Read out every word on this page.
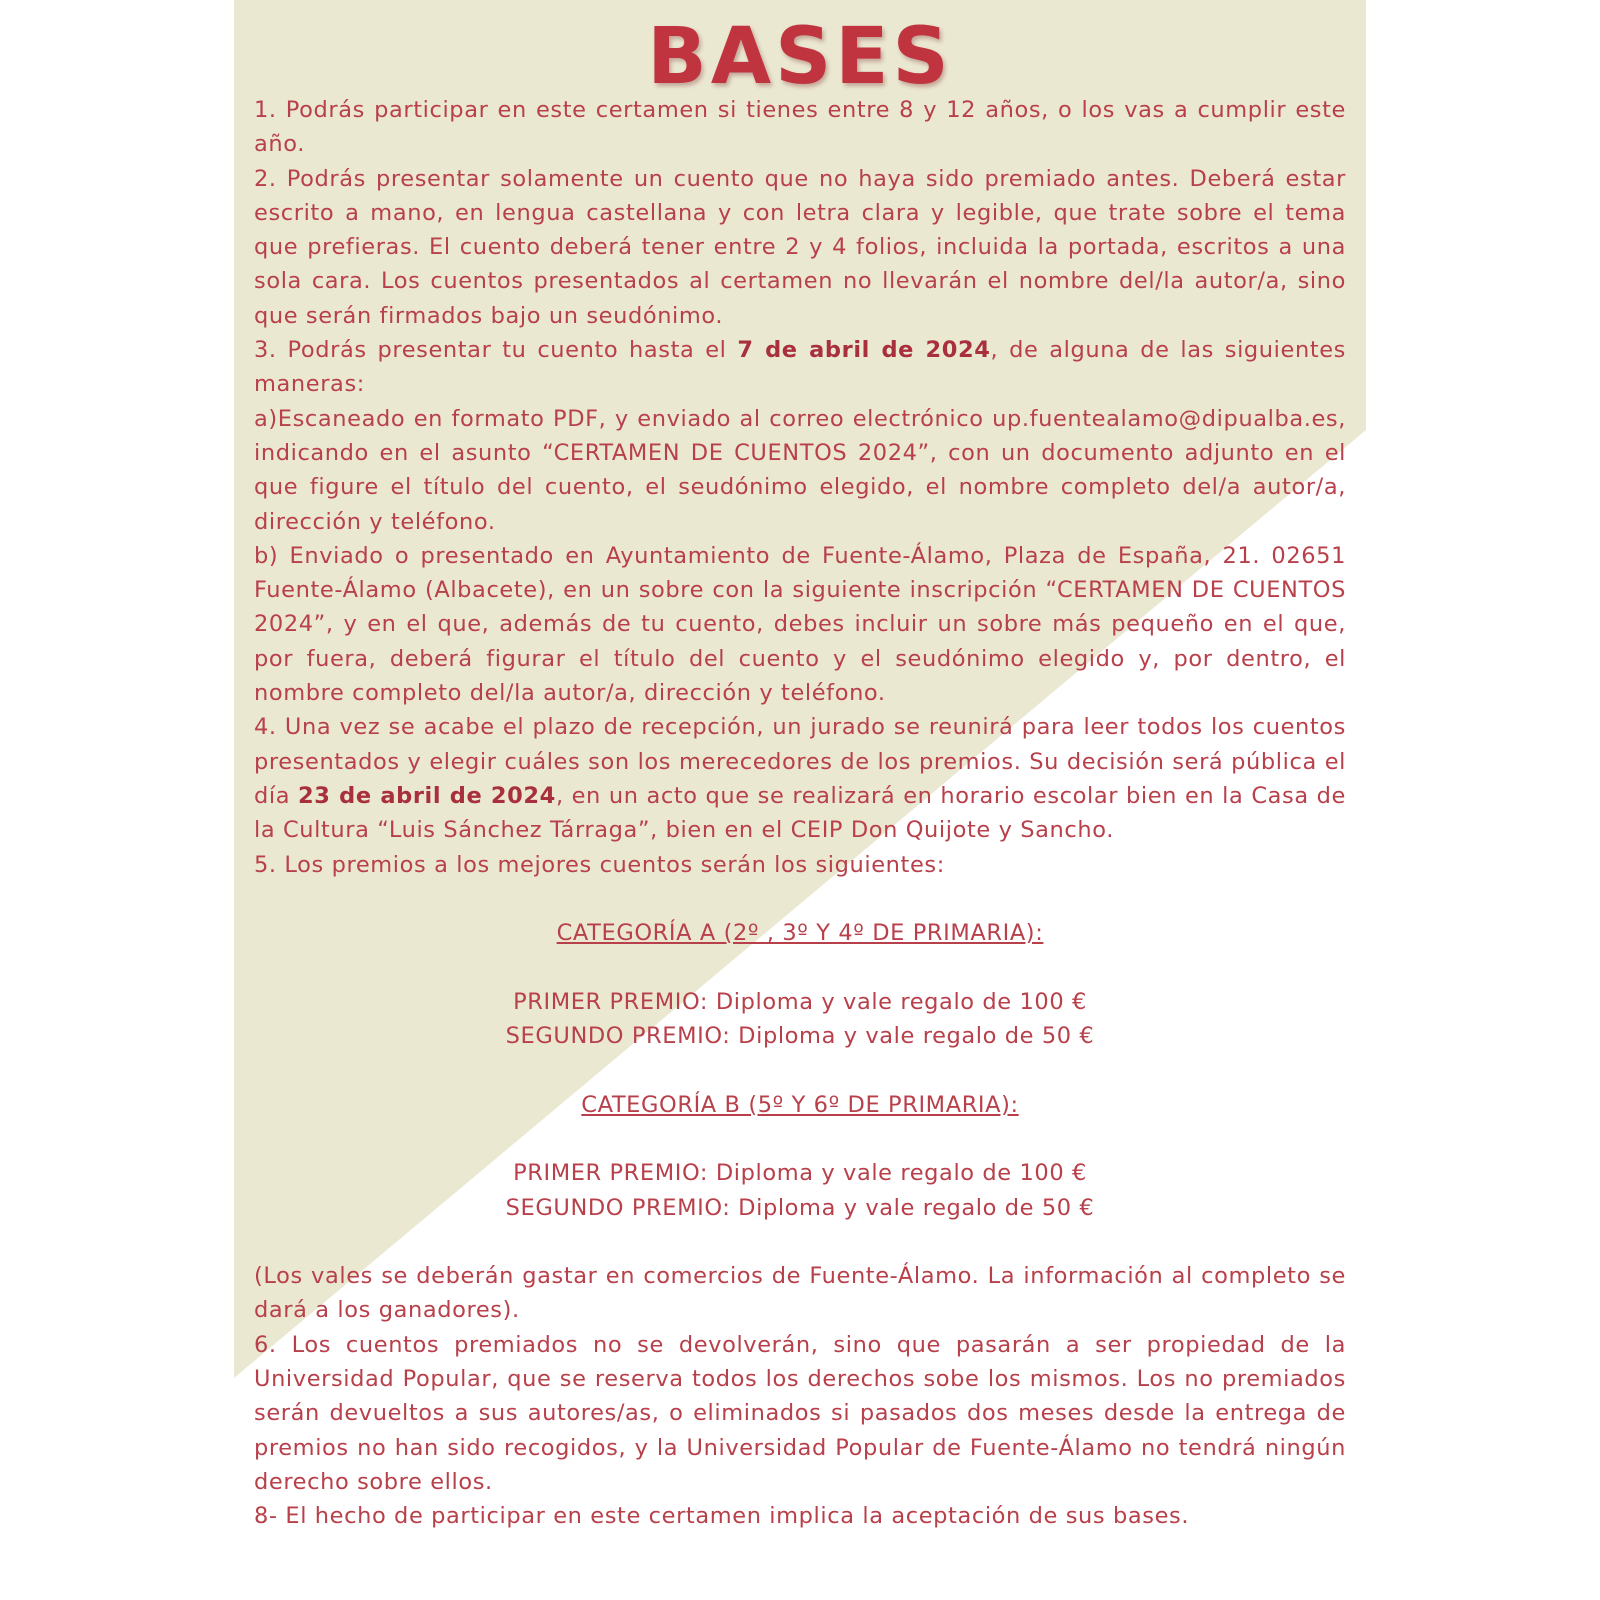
BASES

1. Podrás participar en este certamen si tienes entre 8 y 12 años, o los vas a cumplir este año.

2. Podrás presentar solamente un cuento que no haya sido premiado antes. Deberá estar escrito a mano, en lengua castellana y con letra clara y legible, que trate sobre el tema que prefieras. El cuento deberá tener entre 2 y 4 folios, incluida la portada, escritos a una sola cara. Los cuentos presentados al certamen no llevarán el nombre del/la autor/a, sino que serán firmados bajo un seudónimo.

3. Podrás presentar tu cuento hasta el 7 de abril de 2024, de alguna de las siguientes maneras:

a)Escaneado en formato PDF, y enviado al correo electrónico up.fuentealamo@dipualba.es, indicando en el asunto “CERTAMEN DE CUENTOS 2024”, con un documento adjunto en el que figure el título del cuento, el seudónimo elegido, el nombre completo del/a autor/a, dirección y teléfono.

b) Enviado o presentado en Ayuntamiento de Fuente-Álamo, Plaza de España, 21. 02651 Fuente-Álamo (Albacete), en un sobre con la siguiente inscripción “CERTAMEN DE CUENTOS 2024”, y en el que, además de tu cuento, debes incluir un sobre más pequeño en el que, por fuera, deberá figurar el título del cuento y el seudónimo elegido y, por dentro, el nombre completo del/la autor/a, dirección y teléfono.

4. Una vez se acabe el plazo de recepción, un jurado se reunirá para leer todos los cuentos presentados y elegir cuáles son los merecedores de los premios. Su decisión será pública el día 23 de abril de 2024, en un acto que se realizará en horario escolar bien en la Casa de la Cultura “Luis Sánchez Tárraga”, bien en el CEIP Don Quijote y Sancho.

5. Los premios a los mejores cuentos serán los siguientes:

CATEGORÍA A (2º , 3º Y 4º DE PRIMARIA):

PRIMER PREMIO: Diploma y vale regalo de 100 €

SEGUNDO PREMIO: Diploma y vale regalo de 50 €

CATEGORÍA B (5º Y 6º DE PRIMARIA):

PRIMER PREMIO: Diploma y vale regalo de 100 €

SEGUNDO PREMIO: Diploma y vale regalo de 50 €

(Los vales se deberán gastar en comercios de Fuente-Álamo. La información al completo se dará a los ganadores).

6. Los cuentos premiados no se devolverán, sino que pasarán a ser propiedad de la Universidad Popular, que se reserva todos los derechos sobe los mismos. Los no premiados serán devueltos a sus autores/as, o eliminados si pasados dos meses desde la entrega de premios no han sido recogidos, y la Universidad Popular de Fuente-Álamo no tendrá ningún derecho sobre ellos.

8- El hecho de participar en este certamen implica la aceptación de sus bases.
